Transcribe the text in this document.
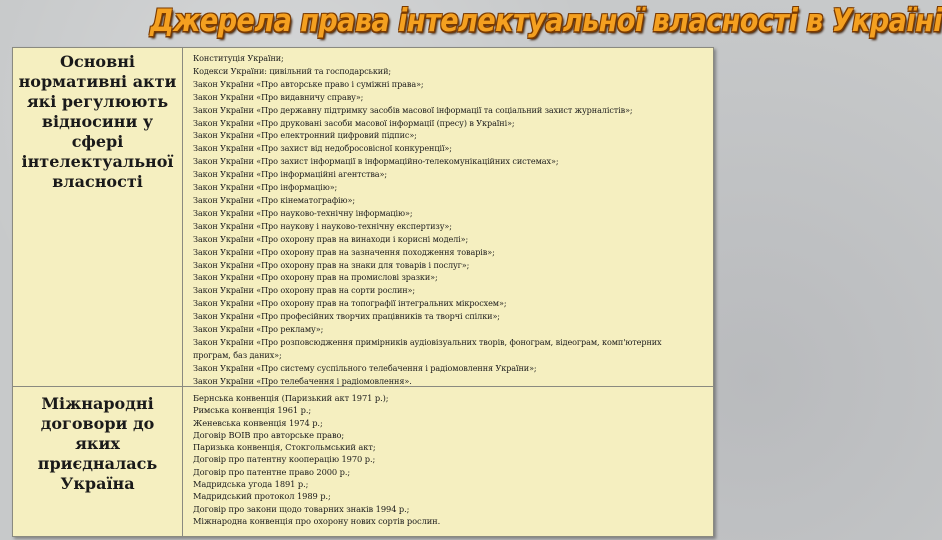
Джерела права інтелектуальної власності в Україні
Основні нормативні акти які регулюють відносини у сфері інтелектуальної власності
Конституція України;
Кодекси України: цивільний та господарський;
Закон України «Про авторське право і суміжні права»;
Закон України «Про видавничу справу»;
Закон України «Про державну підтримку засобів масової інформації та соціальний захист журналістів»;
Закон України «Про друковані засоби масової інформації (пресу) в Україні»;
Закон України «Про електронний цифровий підпис»;
Закон України «Про захист від недобросовісної конкуренції»;
Закон України «Про захист інформації в інформаційно-телекомунікаційних системах»;
Закон України «Про інформаційні агентства»;
Закон України «Про інформацію»;
Закон України «Про кінематографію»;
Закон України «Про науково-технічну інформацію»;
Закон України «Про наукову і науково-технічну експертизу»;
Закон України «Про охорону прав на винаходи і корисні моделі»;
Закон України «Про охорону прав на зазначення походження товарів»;
Закон України «Про охорону прав на знаки для товарів і послуг»;
Закон України «Про охорону прав на промислові зразки»;
Закон України «Про охорону прав на сорти рослин»;
Закон України «Про охорону прав на топографії інтегральних мікросхем»;
Закон України «Про професійних творчих працівників та творчі спілки»;
Закон України «Про рекламу»;
Закон України «Про розповсюдження примірників аудіовізуальних творів, фонограм, відеограм, комп'ютерних програм, баз даних»;
Закон України «Про систему суспільного телебачення і радіомовлення України»;
Закон України «Про телебачення і радіомовлення».
Міжнародні договори до яких приєдналась Україна
Бернська конвенція (Паризький акт 1971 р.);
Римська конвенція 1961 р.;
Женевська конвенція 1974 р.;
Договір ВОІВ про авторське право;
Паризька конвенція, Стокгольмський акт;
Договір про патентну кооперацію 1970 р.;
Договір про патентне право 2000 р.;
Мадридська угода 1891 р.;
Мадридський протокол 1989 р.;
Договір про закони щодо товарних знаків 1994 р.;
Міжнародна конвенція про охорону нових сортів рослин.
